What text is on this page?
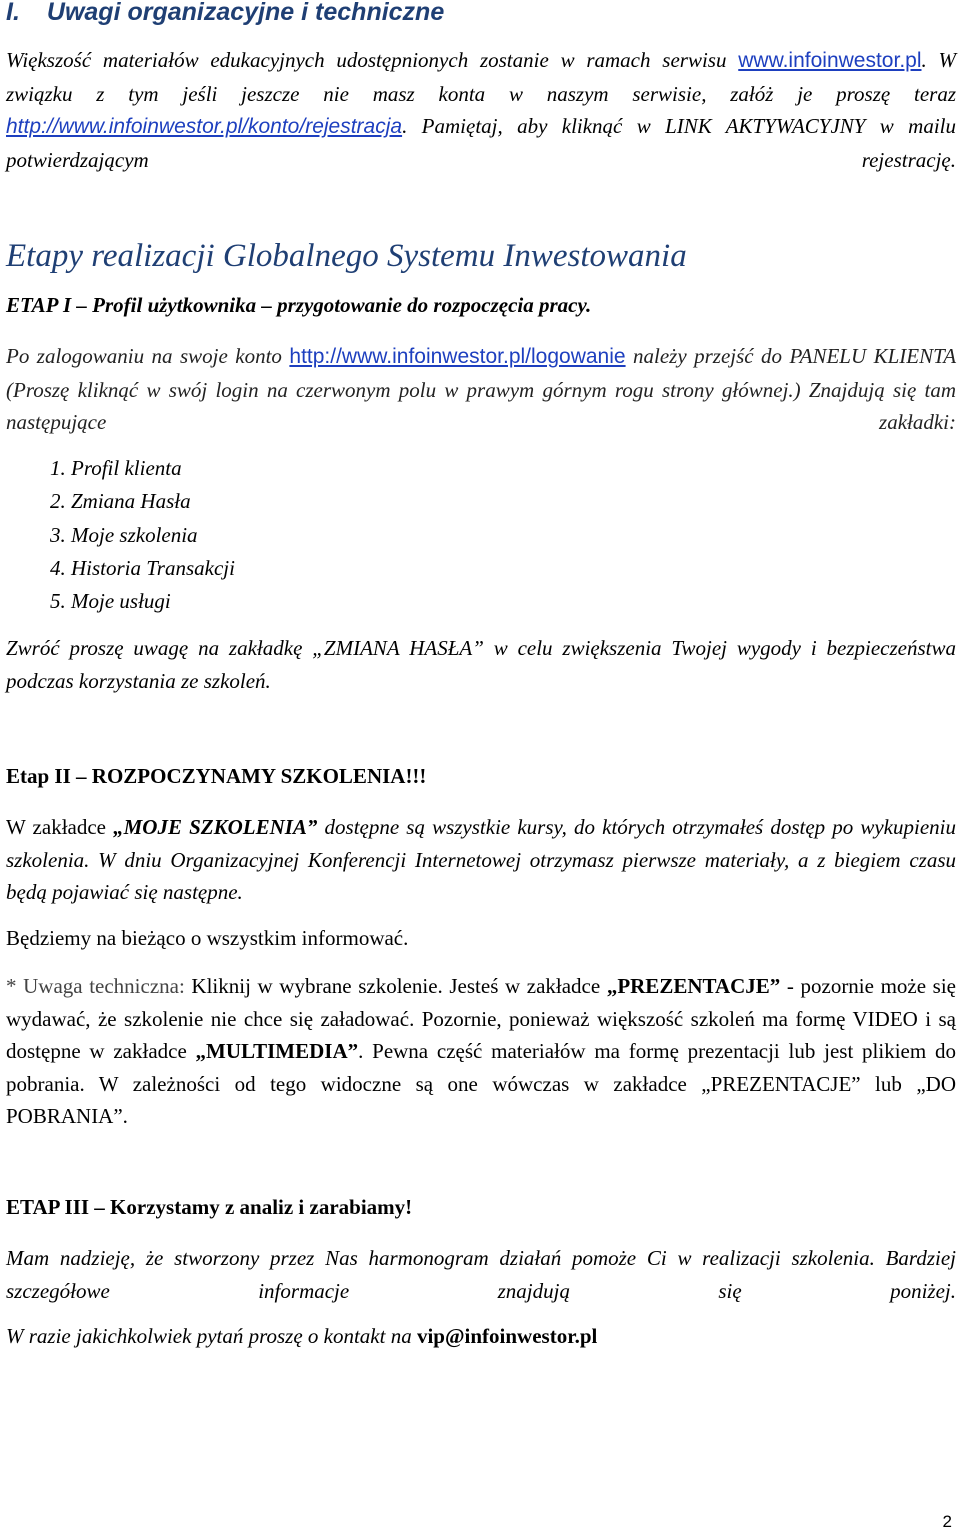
I. Uwagi organizacyjne i techniczne
Większość materiałów edukacyjnych udostępnionych zostanie w ramach serwisu www.infoinwestor.pl. W związku z tym jeśli jeszcze nie masz konta w naszym serwisie, załóż je proszę teraz http://www.infoinwestor.pl/konto/rejestracja. Pamiętaj, aby kliknąć w LINK AKTYWACYJNY w mailu potwierdzającym rejestrację.
Etapy realizacji Globalnego Systemu Inwestowania
ETAP I – Profil użytkownika – przygotowanie do rozpoczęcia pracy.
Po zalogowaniu na swoje konto http://www.infoinwestor.pl/logowanie należy przejść do PANELU KLIENTA (Proszę kliknąć w swój login na czerwonym polu w prawym górnym rogu strony głównej.) Znajdują się tam następujące zakładki:
1. Profil klienta
2. Zmiana Hasła
3. Moje szkolenia
4. Historia Transakcji
5. Moje usługi
Zwróć proszę uwagę na zakładkę „ZMIANA HASŁA” w celu zwiększenia Twojej wygody i bezpieczeństwa podczas korzystania ze szkoleń.
Etap II – ROZPOCZYNAMY SZKOLENIA!!!
W zakładce „MOJE SZKOLENIA” dostępne są wszystkie kursy, do których otrzymałeś dostęp po wykupieniu szkolenia. W dniu Organizacyjnej Konferencji Internetowej otrzymasz pierwsze materiały, a z biegiem czasu będą pojawiać się następne.
Będziemy na bieżąco o wszystkim informować.
* Uwaga techniczna: Kliknij w wybrane szkolenie. Jesteś w zakładce „PREZENTACJE” - pozornie może się wydawać, że szkolenie nie chce się załadować. Pozornie, ponieważ większość szkoleń ma formę VIDEO i są dostępne w zakładce „MULTIMEDIA”. Pewna część materiałów ma formę prezentacji lub jest plikiem do pobrania. W zależności od tego widoczne są one wówczas w zakładce „PREZENTACJE” lub „DO POBRANIA”.
ETAP III – Korzystamy z analiz i zarabiamy!
Mam nadzieję, że stworzony przez Nas harmonogram działań pomoże Ci w realizacji szkolenia. Bardziej szczegółowe informacje znajdują się poniżej.
W razie jakichkolwiek pytań proszę o kontakt na vip@infoinwestor.pl
2
